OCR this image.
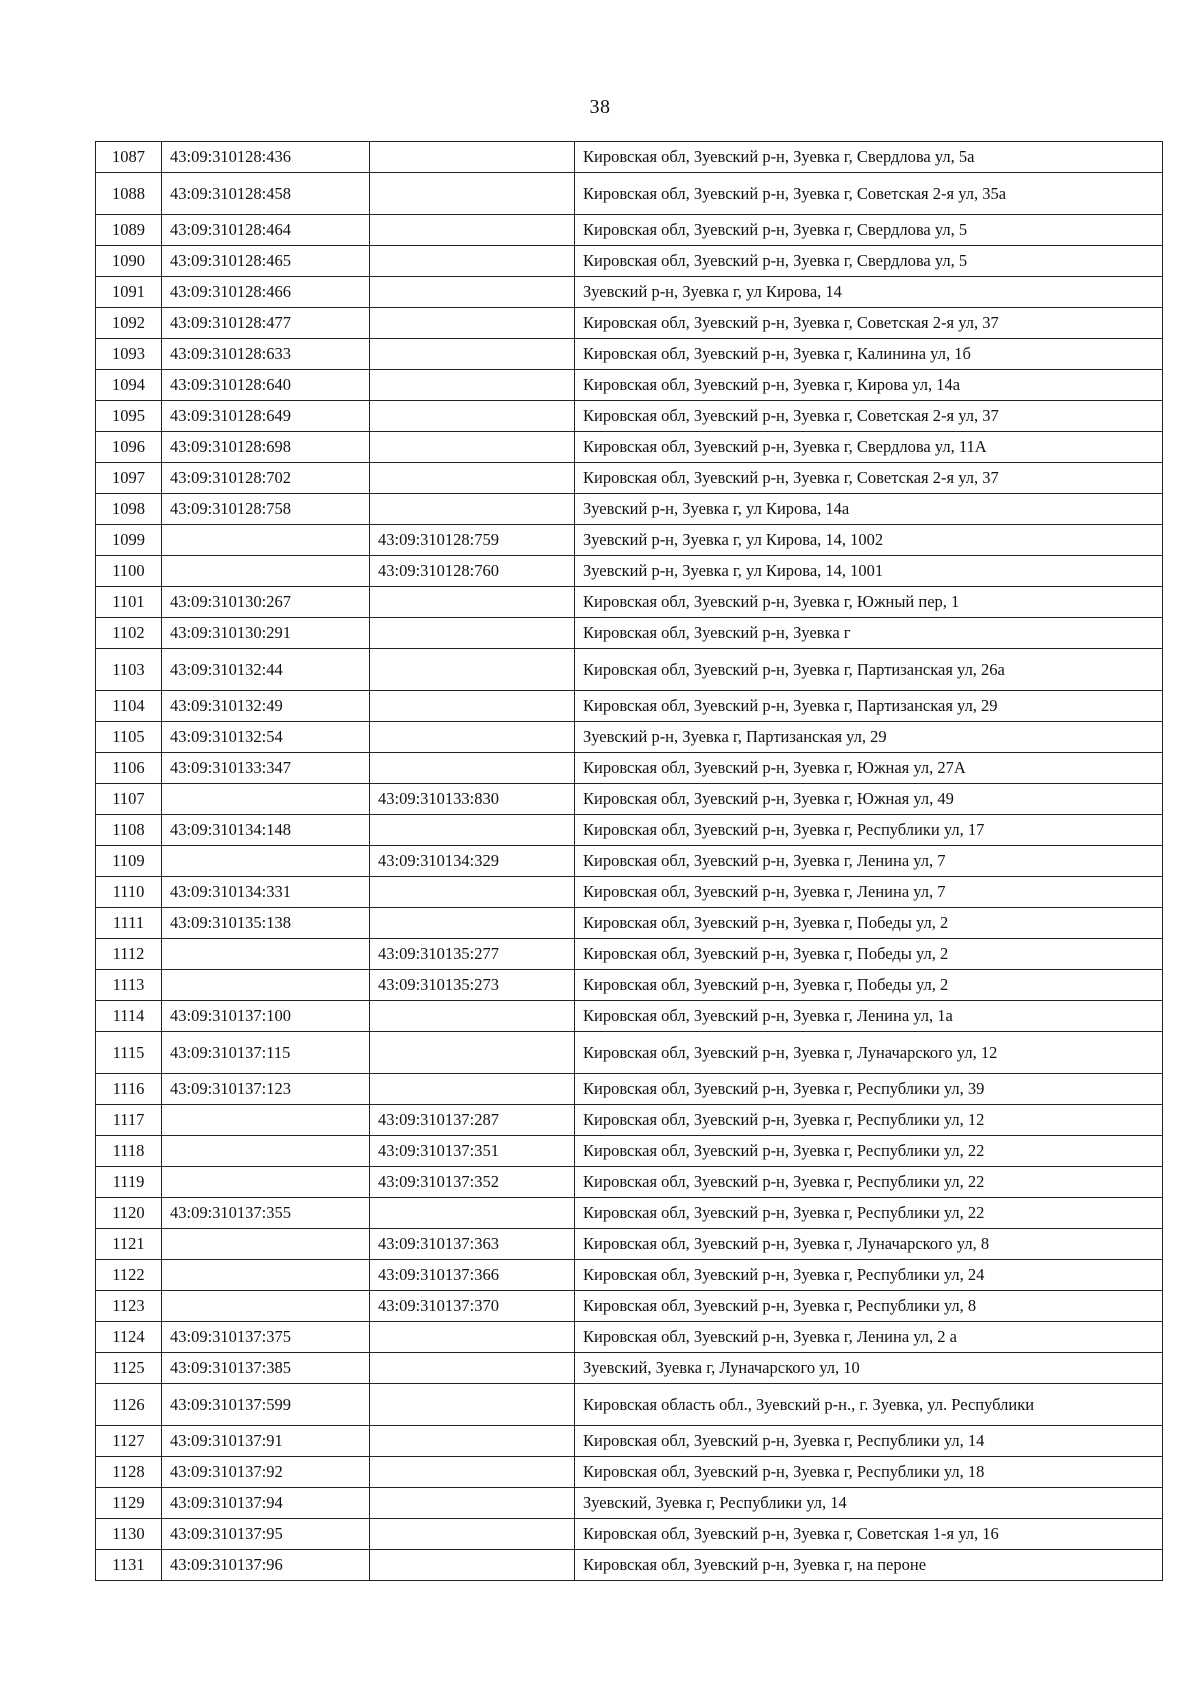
38
1087	43:09:310128:436		Кировская обл, Зуевский р-н, Зуевка г, Свердлова ул, 5а
1088	43:09:310128:458		Кировская обл, Зуевский р-н, Зуевка г, Советская 2-я ул, 35а
1089	43:09:310128:464		Кировская обл, Зуевский р-н, Зуевка г, Свердлова ул, 5
1090	43:09:310128:465		Кировская обл, Зуевский р-н, Зуевка г, Свердлова ул, 5
1091	43:09:310128:466		Зуевский р-н, Зуевка г, ул Кирова, 14
1092	43:09:310128:477		Кировская обл, Зуевский р-н, Зуевка г, Советская 2-я ул, 37
1093	43:09:310128:633		Кировская обл, Зуевский р-н, Зуевка г, Калинина ул, 1б
1094	43:09:310128:640		Кировская обл, Зуевский р-н, Зуевка г, Кирова ул, 14а
1095	43:09:310128:649		Кировская обл, Зуевский р-н, Зуевка г, Советская 2-я ул, 37
1096	43:09:310128:698		Кировская обл, Зуевский р-н, Зуевка г, Свердлова ул, 11А
1097	43:09:310128:702		Кировская обл, Зуевский р-н, Зуевка г, Советская 2-я ул, 37
1098	43:09:310128:758		Зуевский р-н, Зуевка г, ул Кирова, 14а
1099		43:09:310128:759	Зуевский р-н, Зуевка г, ул Кирова, 14, 1002
1100		43:09:310128:760	Зуевский р-н, Зуевка г, ул Кирова, 14, 1001
1101	43:09:310130:267		Кировская обл, Зуевский р-н, Зуевка г, Южный пер, 1
1102	43:09:310130:291		Кировская обл, Зуевский р-н, Зуевка г
1103	43:09:310132:44		Кировская обл, Зуевский р-н, Зуевка г, Партизанская ул, 26а
1104	43:09:310132:49		Кировская обл, Зуевский р-н, Зуевка г, Партизанская ул, 29
1105	43:09:310132:54		Зуевский р-н, Зуевка г, Партизанская ул, 29
1106	43:09:310133:347		Кировская обл, Зуевский р-н, Зуевка г, Южная ул, 27А
1107		43:09:310133:830	Кировская обл, Зуевский р-н, Зуевка г, Южная ул, 49
1108	43:09:310134:148		Кировская обл, Зуевский р-н, Зуевка г, Республики ул, 17
1109		43:09:310134:329	Кировская обл, Зуевский р-н, Зуевка г, Ленина ул, 7
1110	43:09:310134:331		Кировская обл, Зуевский р-н, Зуевка г, Ленина ул, 7
1111	43:09:310135:138		Кировская обл, Зуевский р-н, Зуевка г, Победы ул, 2
1112		43:09:310135:277	Кировская обл, Зуевский р-н, Зуевка г, Победы ул, 2
1113		43:09:310135:273	Кировская обл, Зуевский р-н, Зуевка г, Победы ул, 2
1114	43:09:310137:100		Кировская обл, Зуевский р-н, Зуевка г, Ленина ул, 1а
1115	43:09:310137:115		Кировская обл, Зуевский р-н, Зуевка г, Луначарского ул, 12
1116	43:09:310137:123		Кировская обл, Зуевский р-н, Зуевка г, Республики ул, 39
1117		43:09:310137:287	Кировская обл, Зуевский р-н, Зуевка г, Республики ул, 12
1118		43:09:310137:351	Кировская обл, Зуевский р-н, Зуевка г, Республики ул, 22
1119		43:09:310137:352	Кировская обл, Зуевский р-н, Зуевка г, Республики ул, 22
1120	43:09:310137:355		Кировская обл, Зуевский р-н, Зуевка г, Республики ул, 22
1121		43:09:310137:363	Кировская обл, Зуевский р-н, Зуевка г, Луначарского ул, 8
1122		43:09:310137:366	Кировская обл, Зуевский р-н, Зуевка г, Республики ул, 24
1123		43:09:310137:370	Кировская обл, Зуевский р-н, Зуевка г, Республики ул, 8
1124	43:09:310137:375		Кировская обл, Зуевский р-н, Зуевка г, Ленина ул, 2 а
1125	43:09:310137:385		Зуевский, Зуевка г, Луначарского ул, 10
1126	43:09:310137:599		Кировская область обл., Зуевский р-н., г. Зуевка, ул. Республики
1127	43:09:310137:91		Кировская обл, Зуевский р-н, Зуевка г, Республики ул, 14
1128	43:09:310137:92		Кировская обл, Зуевский р-н, Зуевка г, Республики ул, 18
1129	43:09:310137:94		Зуевский, Зуевка г, Республики ул, 14
1130	43:09:310137:95		Кировская обл, Зуевский р-н, Зуевка г, Советская 1-я ул, 16
1131	43:09:310137:96		Кировская обл, Зуевский р-н, Зуевка г, на пероне
